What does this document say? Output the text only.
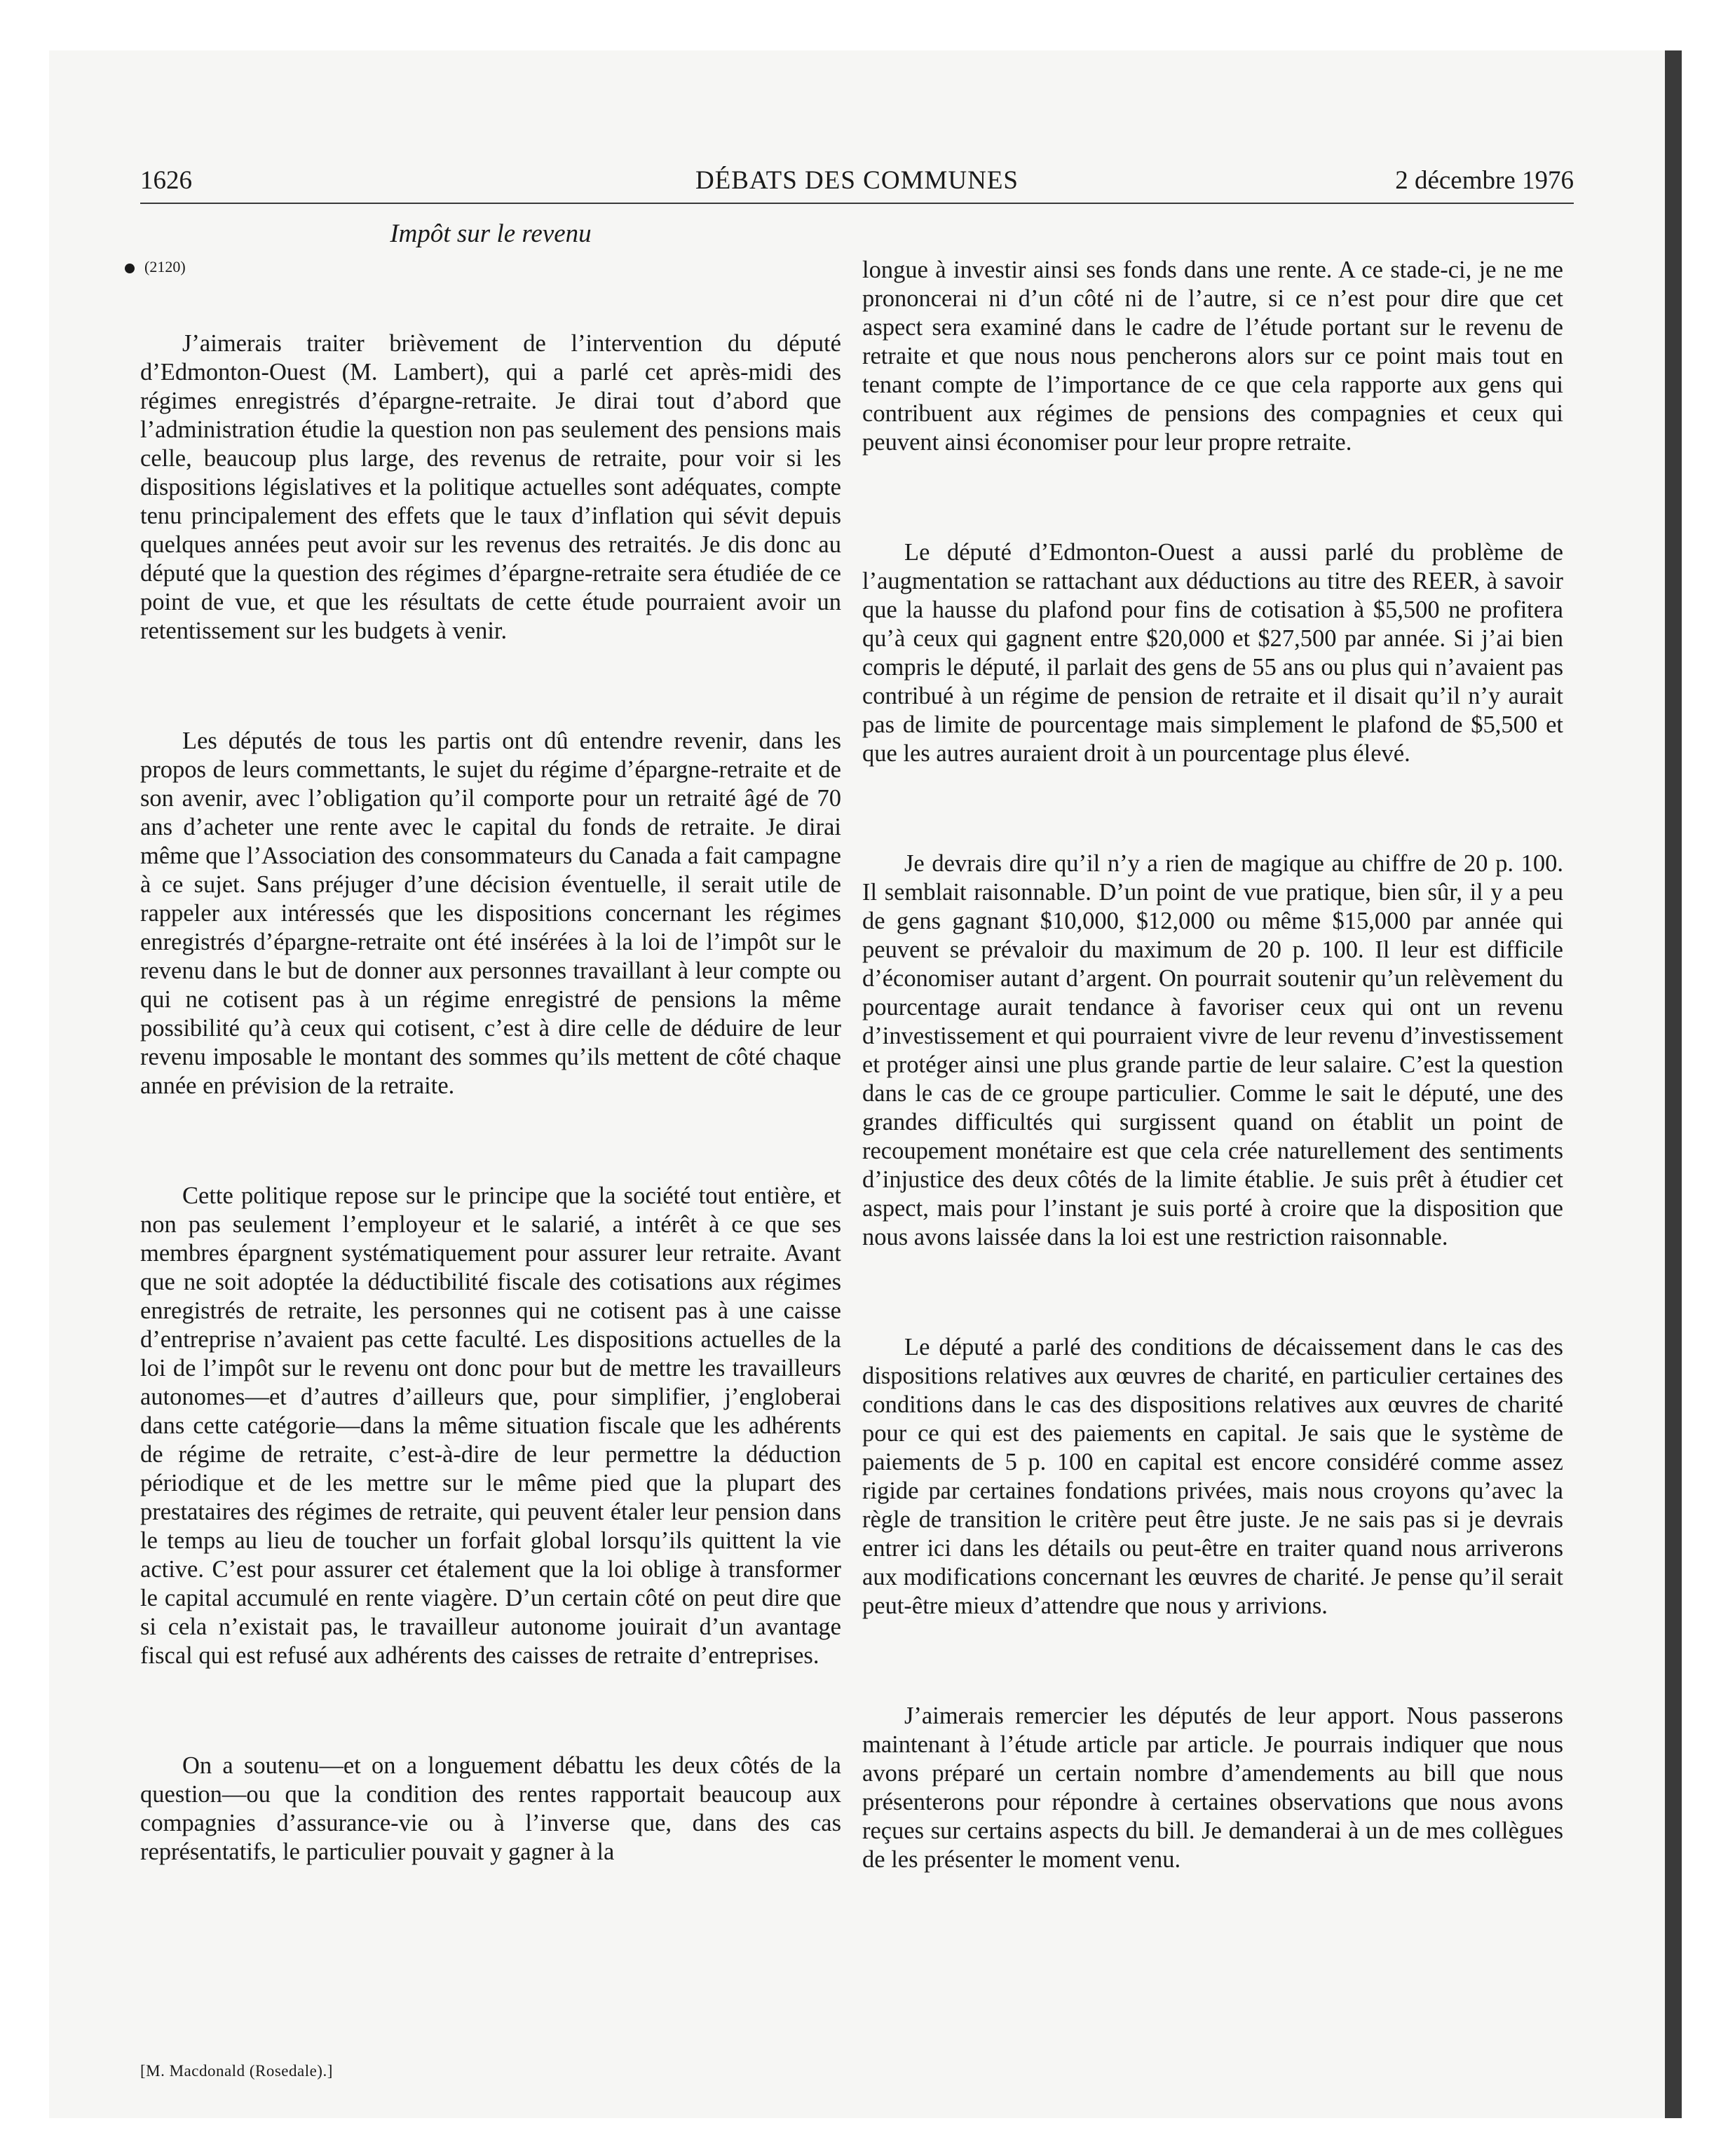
1626	DÉBATS DES COMMUNES	2 décembre 1976
Impôt sur le revenu
(2120)

J’aimerais traiter brièvement de l’intervention du député d’Edmonton-Ouest (M. Lambert), qui a parlé cet après-midi des régimes enregistrés d’épargne-retraite. Je dirai tout d’abord que l’administration étudie la question non pas seulement des pensions mais celle, beaucoup plus large, des revenus de retraite, pour voir si les dispositions législatives et la politique actuelles sont adéquates, compte tenu principalement des effets que le taux d’inflation qui sévit depuis quelques années peut avoir sur les revenus des retraités. Je dis donc au député que la question des régimes d’épargne-retraite sera étudiée de ce point de vue, et que les résultats de cette étude pourraient avoir un retentissement sur les budgets à venir.

Les députés de tous les partis ont dû entendre revenir, dans les propos de leurs commettants, le sujet du régime d’épargne-retraite et de son avenir, avec l’obligation qu’il comporte pour un retraité âgé de 70 ans d’acheter une rente avec le capital du fonds de retraite. Je dirai même que l’Association des consommateurs du Canada a fait campagne à ce sujet. Sans préjuger d’une décision éventuelle, il serait utile de rappeler aux intéressés que les dispositions concernant les régimes enregistrés d’épargne-retraite ont été insérées à la loi de l’impôt sur le revenu dans le but de donner aux personnes travaillant à leur compte ou qui ne cotisent pas à un régime enregistré de pensions la même possibilité qu’à ceux qui cotisent, c’est à dire celle de déduire de leur revenu imposable le montant des sommes qu’ils mettent de côté chaque année en prévision de la retraite.

Cette politique repose sur le principe que la société tout entière, et non pas seulement l’employeur et le salarié, a intérêt à ce que ses membres épargnent systématiquement pour assurer leur retraite. Avant que ne soit adoptée la déductibilité fiscale des cotisations aux régimes enregistrés de retraite, les personnes qui ne cotisent pas à une caisse d’entreprise n’avaient pas cette faculté. Les dispositions actuelles de la loi de l’impôt sur le revenu ont donc pour but de mettre les travailleurs autonomes—et d’autres d’ailleurs que, pour simplifier, j’engloberai dans cette catégorie—dans la même situation fiscale que les adhérents de régime de retraite, c’est-à-dire de leur permettre la déduction périodique et de les mettre sur le même pied que la plupart des prestataires des régimes de retraite, qui peuvent étaler leur pension dans le temps au lieu de toucher un forfait global lorsqu’ils quittent la vie active. C’est pour assurer cet étalement que la loi oblige à transformer le capital accumulé en rente viagère. D’un certain côté on peut dire que si cela n’existait pas, le travailleur autonome jouirait d’un avantage fiscal qui est refusé aux adhérents des caisses de retraite d’entreprises.

On a soutenu—et on a longuement débattu les deux côtés de la question—ou que la condition des rentes rapportait beaucoup aux compagnies d’assurance-vie ou à l’inverse que, dans des cas représentatifs, le particulier pouvait y gagner à la

longue à investir ainsi ses fonds dans une rente. A ce stade-ci, je ne me prononcerai ni d’un côté ni de l’autre, si ce n’est pour dire que cet aspect sera examiné dans le cadre de l’étude portant sur le revenu de retraite et que nous nous pencherons alors sur ce point mais tout en tenant compte de l’importance de ce que cela rapporte aux gens qui contribuent aux régimes de pensions des compagnies et ceux qui peuvent ainsi économiser pour leur propre retraite.

Le député d’Edmonton-Ouest a aussi parlé du problème de l’augmentation se rattachant aux déductions au titre des REER, à savoir que la hausse du plafond pour fins de cotisation à $5,500 ne profitera qu’à ceux qui gagnent entre $20,000 et $27,500 par année. Si j’ai bien compris le député, il parlait des gens de 55 ans ou plus qui n’avaient pas contribué à un régime de pension de retraite et il disait qu’il n’y aurait pas de limite de pourcentage mais simplement le plafond de $5,500 et que les autres auraient droit à un pourcentage plus élevé.

Je devrais dire qu’il n’y a rien de magique au chiffre de 20 p. 100. Il semblait raisonnable. D’un point de vue pratique, bien sûr, il y a peu de gens gagnant $10,000, $12,000 ou même $15,000 par année qui peuvent se prévaloir du maximum de 20 p. 100. Il leur est difficile d’économiser autant d’argent. On pourrait soutenir qu’un relèvement du pourcentage aurait tendance à favoriser ceux qui ont un revenu d’investissement et qui pourraient vivre de leur revenu d’investissement et protéger ainsi une plus grande partie de leur salaire. C’est la question dans le cas de ce groupe particulier. Comme le sait le député, une des grandes difficultés qui surgissent quand on établit un point de recoupement monétaire est que cela crée naturellement des sentiments d’injustice des deux côtés de la limite établie. Je suis prêt à étudier cet aspect, mais pour l’instant je suis porté à croire que la disposition que nous avons laissée dans la loi est une restriction raisonnable.

Le député a parlé des conditions de décaissement dans le cas des dispositions relatives aux œuvres de charité, en particulier certaines des conditions dans le cas des dispositions relatives aux œuvres de charité pour ce qui est des paiements en capital. Je sais que le système de paiements de 5 p. 100 en capital est encore considéré comme assez rigide par certaines fondations privées, mais nous croyons qu’avec la règle de transition le critère peut être juste. Je ne sais pas si je devrais entrer ici dans les détails ou peut-être en traiter quand nous arriverons aux modifications concernant les œuvres de charité. Je pense qu’il serait peut-être mieux d’attendre que nous y arrivions.

J’aimerais remercier les députés de leur apport. Nous passerons maintenant à l’étude article par article. Je pourrais indiquer que nous avons préparé un certain nombre d’amendements au bill que nous présenterons pour répondre à certaines observations que nous avons reçues sur certains aspects du bill. Je demanderai à un de mes collègues de les présenter le moment venu.

[M. Macdonald (Rosedale).]
